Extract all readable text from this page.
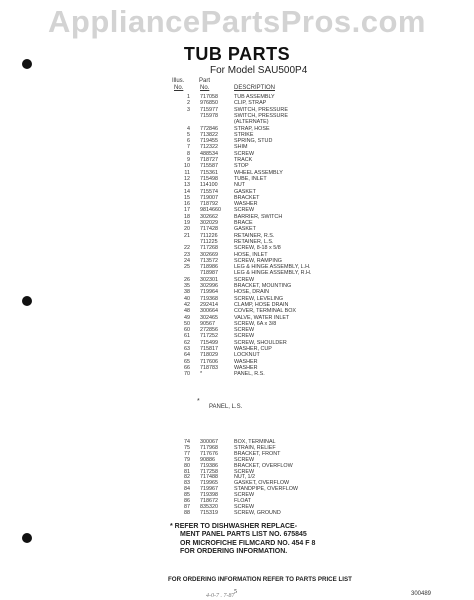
AppliancePartsPros.com
TUB PARTS
For Model SAU500P4
Illus. Part
No.	No.	DESCRIPTION
1 717058	TUB ASSEMBLY
2 976850	CLIP, STRAP
3 715977	SWITCH, PRESSURE
715978	SWITCH, PRESSURE
(ALTERNATE)
4 772846	STRAP, HOSE
5 713822	STRIKE
6 719455	SPRING, STUD
7 712322	SHIM
8 488534	SCREW
9 718727	TRACK
10 715587	STOP
11 715361	WHEEL ASSEMBLY
12 715498	TUBE, INLET
13 114100	NUT
14 715574	GASKET
15 719007	BRACKET
16 718792	WASHER
17 9814660 SCREW
18 302662	BARRIER, SWITCH
19 302029	BRACE
20 717428	GASKET
21 711226	RETAINER, R.S.
711225	RETAINER, L.S.
22 717268	SCREW, 8-18 x 5/8
23 302669	HOSE, INLET
24 713572	SCREW, RAMPING
25 718986	LEG & HINGE ASSEMBLY, L.H.
718987	LEG & HINGE ASSEMBLY, R.H.
26 302301	SCREW
35 302996	BRACKET, MOUNTING
38 719964	HOSE, DRAIN
40 719368	SCREW, LEVELING
42 292414	CLAMP, HOSE DRAIN
48 300664	COVER, TERMINAL BOX
49 302465	VALVE, WATER INLET
50 90567	SCREW, 6A x 3/8
60 272856	SCREW
61 717252	SCREW
62 715499	SCREW, SHOULDER
63 715817	WASHER, CUP
64 718029	LOCKNUT
65 717606	WASHER
66 718783	WASHER
70 *	PANEL, R.S.
*
PANEL, L.S.
74 300067	BOX, TERMINAL
75 717968	STRAIN, RELIEF
77 717676	BRACKET, FRONT
79 90886	SCREW
80 719386	BRACKET, OVERFLOW
81 717258	SCREW
82 717488	NUT, 1/2
83 719965	GASKET, OVERFLOW
84 719967	STANDPIPE, OVERFLOW
85 719398	SCREW
86 718672	FLOAT
87 835320	SCREW
88 715319	SCREW, GROUND
* REFER TO DISHWASHER REPLACE-
MENT PANEL PARTS LIST NO. 675845
OR MICROFICHE FILMCARD NO. 454 F 8
FOR ORDERING INFORMATION.
FOR ORDERING INFORMATION REFER TO PARTS PRICE LIST
5
4-0-7 . 7-87	300489
